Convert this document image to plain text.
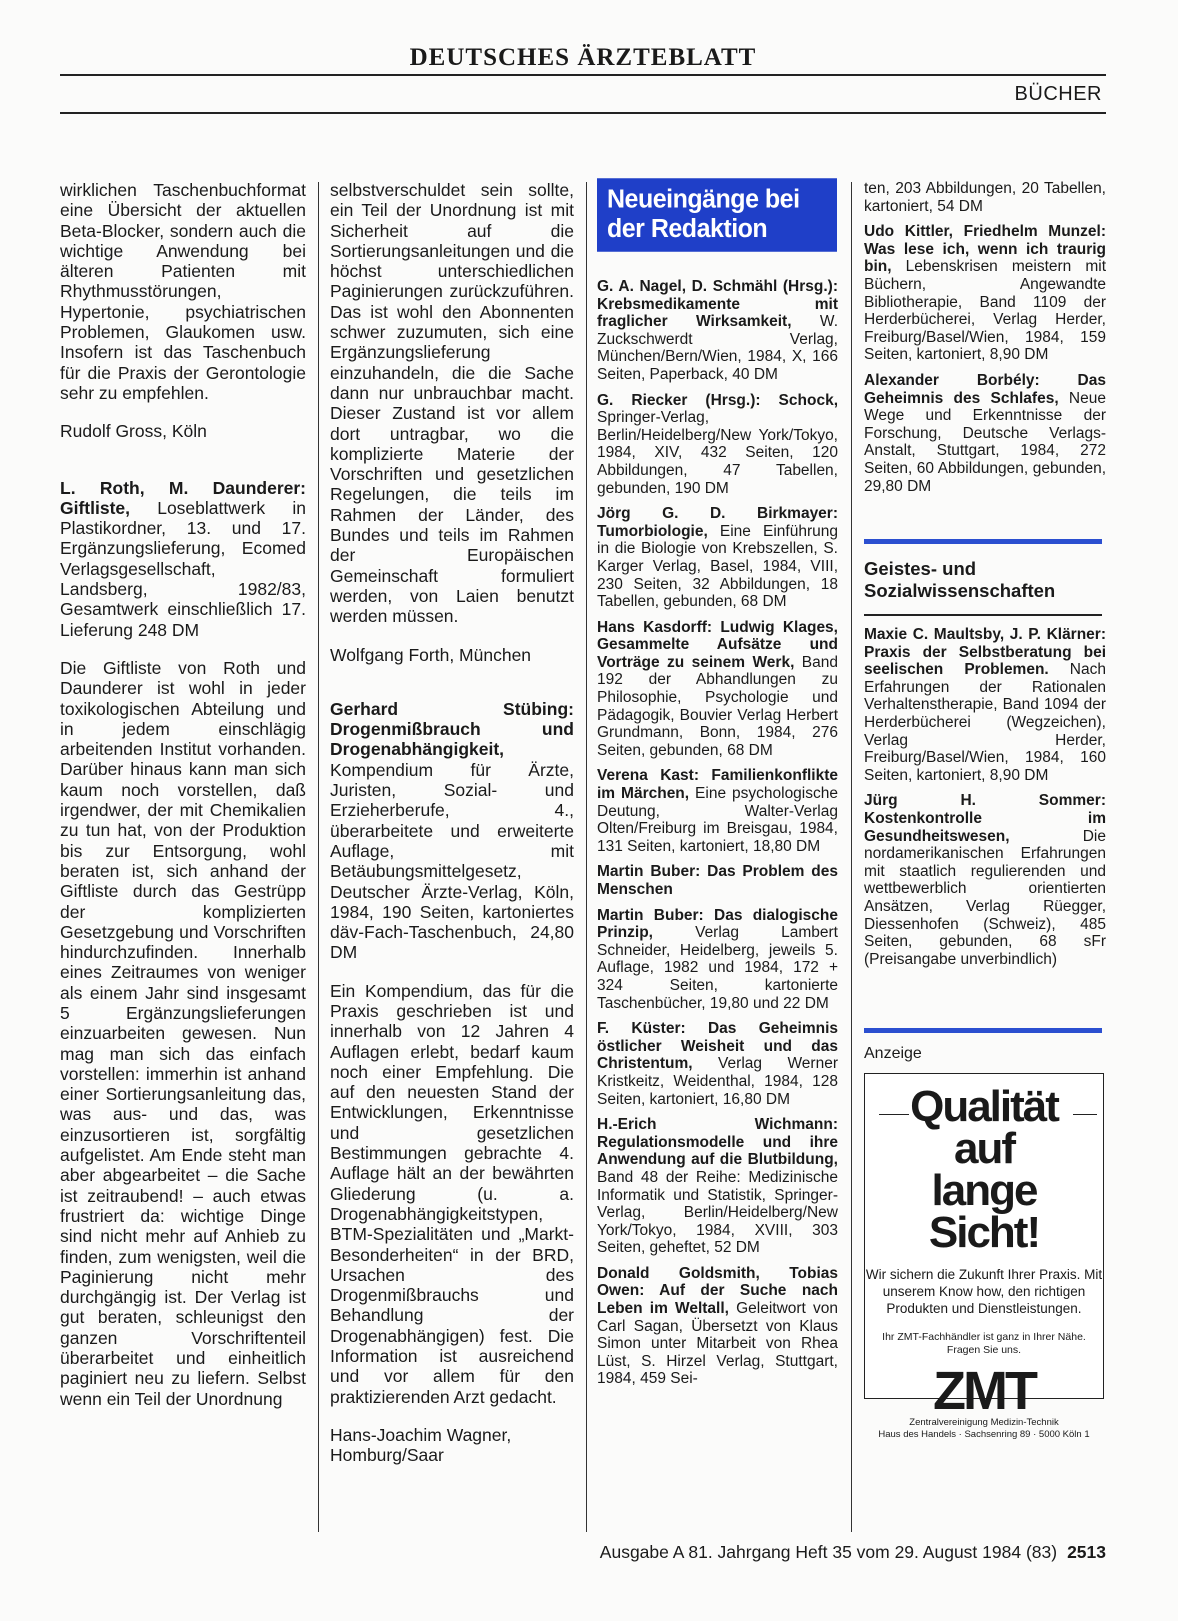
DEUTSCHES ÄRZTEBLATT
BÜCHER

wirklichen Taschenbuchformat eine Übersicht der aktuellen Beta-Blocker, sondern auch die wichtige Anwendung bei älteren Patienten mit Rhythmusstörungen, Hypertonie, psychiatrischen Problemen, Glaukomen usw. Insofern ist das Taschenbuch für die Praxis der Gerontologie sehr zu empfehlen.

Rudolf Gross, Köln

L. Roth, M. Daunderer: Giftliste, Loseblattwerk in Plastikordner, 13. und 17. Ergänzungslieferung, Ecomed Verlagsgesellschaft, Landsberg, 1982/83, Gesamtwerk einschließlich 17. Lieferung 248 DM

Die Giftliste von Roth und Daunderer ist wohl in jeder toxikologischen Abteilung und in jedem einschlägig arbeitenden Institut vorhanden. Darüber hinaus kann man sich kaum noch vorstellen, daß irgendwer, der mit Chemikalien zu tun hat, von der Produktion bis zur Entsorgung, wohl beraten ist, sich anhand der Giftliste durch das Gestrüpp der komplizierten Gesetzgebung und Vorschriften hindurchzufinden. Innerhalb eines Zeitraumes von weniger als einem Jahr sind insgesamt 5 Ergänzungslieferungen einzuarbeiten gewesen. Nun mag man sich das einfach vorstellen: immerhin ist anhand einer Sortierungsanleitung das, was aus- und das, was einzusortieren ist, sorgfältig aufgelistet. Am Ende steht man aber abgearbeitet – die Sache ist zeitraubend! – auch etwas frustriert da: wichtige Dinge sind nicht mehr auf Anhieb zu finden, zum wenigsten, weil die Paginierung nicht mehr durchgängig ist. Der Verlag ist gut beraten, schleunigst den ganzen Vorschriftenteil überarbeitet und einheitlich paginiert neu zu liefern. Selbst wenn ein Teil der Unordnung

selbstverschuldet sein sollte, ein Teil der Unordnung ist mit Sicherheit auf die Sortierungsanleitungen und die höchst unterschiedlichen Paginierungen zurückzuführen. Das ist wohl den Abonnenten schwer zuzumuten, sich eine Ergänzungslieferung einzuhandeln, die die Sache dann nur unbrauchbar macht. Dieser Zustand ist vor allem dort untragbar, wo die komplizierte Materie der Vorschriften und gesetzlichen Regelungen, die teils im Rahmen der Länder, des Bundes und teils im Rahmen der Europäischen Gemeinschaft formuliert werden, von Laien benutzt werden müssen.

Wolfgang Forth, München

Gerhard Stübing: Drogenmißbrauch und Drogenabhängigkeit, Kompendium für Ärzte, Juristen, Sozial- und Erzieherberufe, 4., überarbeitete und erweiterte Auflage, mit Betäubungsmittelgesetz, Deutscher Ärzte-Verlag, Köln, 1984, 190 Seiten, kartoniertes däv-Fach-Taschenbuch, 24,80 DM

Ein Kompendium, das für die Praxis geschrieben ist und innerhalb von 12 Jahren 4 Auflagen erlebt, bedarf kaum noch einer Empfehlung. Die auf den neuesten Stand der Entwicklungen, Erkenntnisse und gesetzlichen Bestimmungen gebrachte 4. Auflage hält an der bewährten Gliederung (u. a. Drogenabhängigkeitstypen, BTM-Spezialitäten und „Markt-Besonderheiten“ in der BRD, Ursachen des Drogenmißbrauchs und Behandlung der Drogenabhängigen) fest. Die Information ist ausreichend und vor allem für den praktizierenden Arzt gedacht.

Hans-Joachim Wagner, Homburg/Saar

Neueingänge bei der Redaktion

G. A. Nagel, D. Schmähl (Hrsg.): Krebsmedikamente mit fraglicher Wirksamkeit, W. Zuckschwerdt Verlag, München/Bern/Wien, 1984, X, 166 Seiten, Paperback, 40 DM

G. Riecker (Hrsg.): Schock, Springer-Verlag, Berlin/Heidelberg/New York/Tokyo, 1984, XIV, 432 Seiten, 120 Abbildungen, 47 Tabellen, gebunden, 190 DM

Jörg G. D. Birkmayer: Tumorbiologie, Eine Einführung in die Biologie von Krebszellen, S. Karger Verlag, Basel, 1984, VIII, 230 Seiten, 32 Abbildungen, 18 Tabellen, gebunden, 68 DM

Hans Kasdorff: Ludwig Klages, Gesammelte Aufsätze und Vorträge zu seinem Werk, Band 192 der Abhandlungen zu Philosophie, Psychologie und Pädagogik, Bouvier Verlag Herbert Grundmann, Bonn, 1984, 276 Seiten, gebunden, 68 DM

Verena Kast: Familienkonflikte im Märchen, Eine psychologische Deutung, Walter-Verlag Olten/Freiburg im Breisgau, 1984, 131 Seiten, kartoniert, 18,80 DM

Martin Buber: Das Problem des Menschen

Martin Buber: Das dialogische Prinzip, Verlag Lambert Schneider, Heidelberg, jeweils 5. Auflage, 1982 und 1984, 172 + 324 Seiten, kartonierte Taschenbücher, 19,80 und 22 DM

F. Küster: Das Geheimnis östlicher Weisheit und das Christentum, Verlag Werner Kristkeitz, Weidenthal, 1984, 128 Seiten, kartoniert, 16,80 DM

H.-Erich Wichmann: Regulationsmodelle und ihre Anwendung auf die Blutbildung, Band 48 der Reihe: Medizinische Informatik und Statistik, Springer-Verlag, Berlin/Heidelberg/New York/Tokyo, 1984, XVIII, 303 Seiten, geheftet, 52 DM

Donald Goldsmith, Tobias Owen: Auf der Suche nach Leben im Weltall, Geleitwort von Carl Sagan, Übersetzt von Klaus Simon unter Mitarbeit von Rhea Lüst, S. Hirzel Verlag, Stuttgart, 1984, 459 Sei-

ten, 203 Abbildungen, 20 Tabellen, kartoniert, 54 DM

Udo Kittler, Friedhelm Munzel: Was lese ich, wenn ich traurig bin, Lebenskrisen meistern mit Büchern, Angewandte Bibliotherapie, Band 1109 der Herderbücherei, Verlag Herder, Freiburg/Basel/Wien, 1984, 159 Seiten, kartoniert, 8,90 DM

Alexander Borbély: Das Geheimnis des Schlafes, Neue Wege und Erkenntnisse der Forschung, Deutsche Verlags-Anstalt, Stuttgart, 1984, 272 Seiten, 60 Abbildungen, gebunden, 29,80 DM

Geistes- und Sozialwissenschaften

Maxie C. Maultsby, J. P. Klärner: Praxis der Selbstberatung bei seelischen Problemen. Nach Erfahrungen der Rationalen Verhaltenstherapie, Band 1094 der Herderbücherei (Wegzeichen), Verlag Herder, Freiburg/Basel/Wien, 1984, 160 Seiten, kartoniert, 8,90 DM

Jürg H. Sommer: Kostenkontrolle im Gesundheitswesen, Die nordamerikanischen Erfahrungen mit staatlich regulierenden und wettbewerblich orientierten Ansätzen, Verlag Rüegger, Diessenhofen (Schweiz), 485 Seiten, gebunden, 68 sFr (Preisangabe unverbindlich)

Anzeige
Qualität
auf
lange
Sicht!
Wir sichern die Zukunft Ihrer Praxis. Mit unserem Know how, den richtigen Produkten und Dienstleistungen.
Ihr ZMT-Fachhändler ist ganz in Ihrer Nähe. Fragen Sie uns.
ZMT
Zentralvereinigung Medizin-Technik
Haus des Handels · Sachsenring 89 · 5000 Köln 1
Ausgabe A 81. Jahrgang Heft 35 vom 29. August 1984 (83) 2513
